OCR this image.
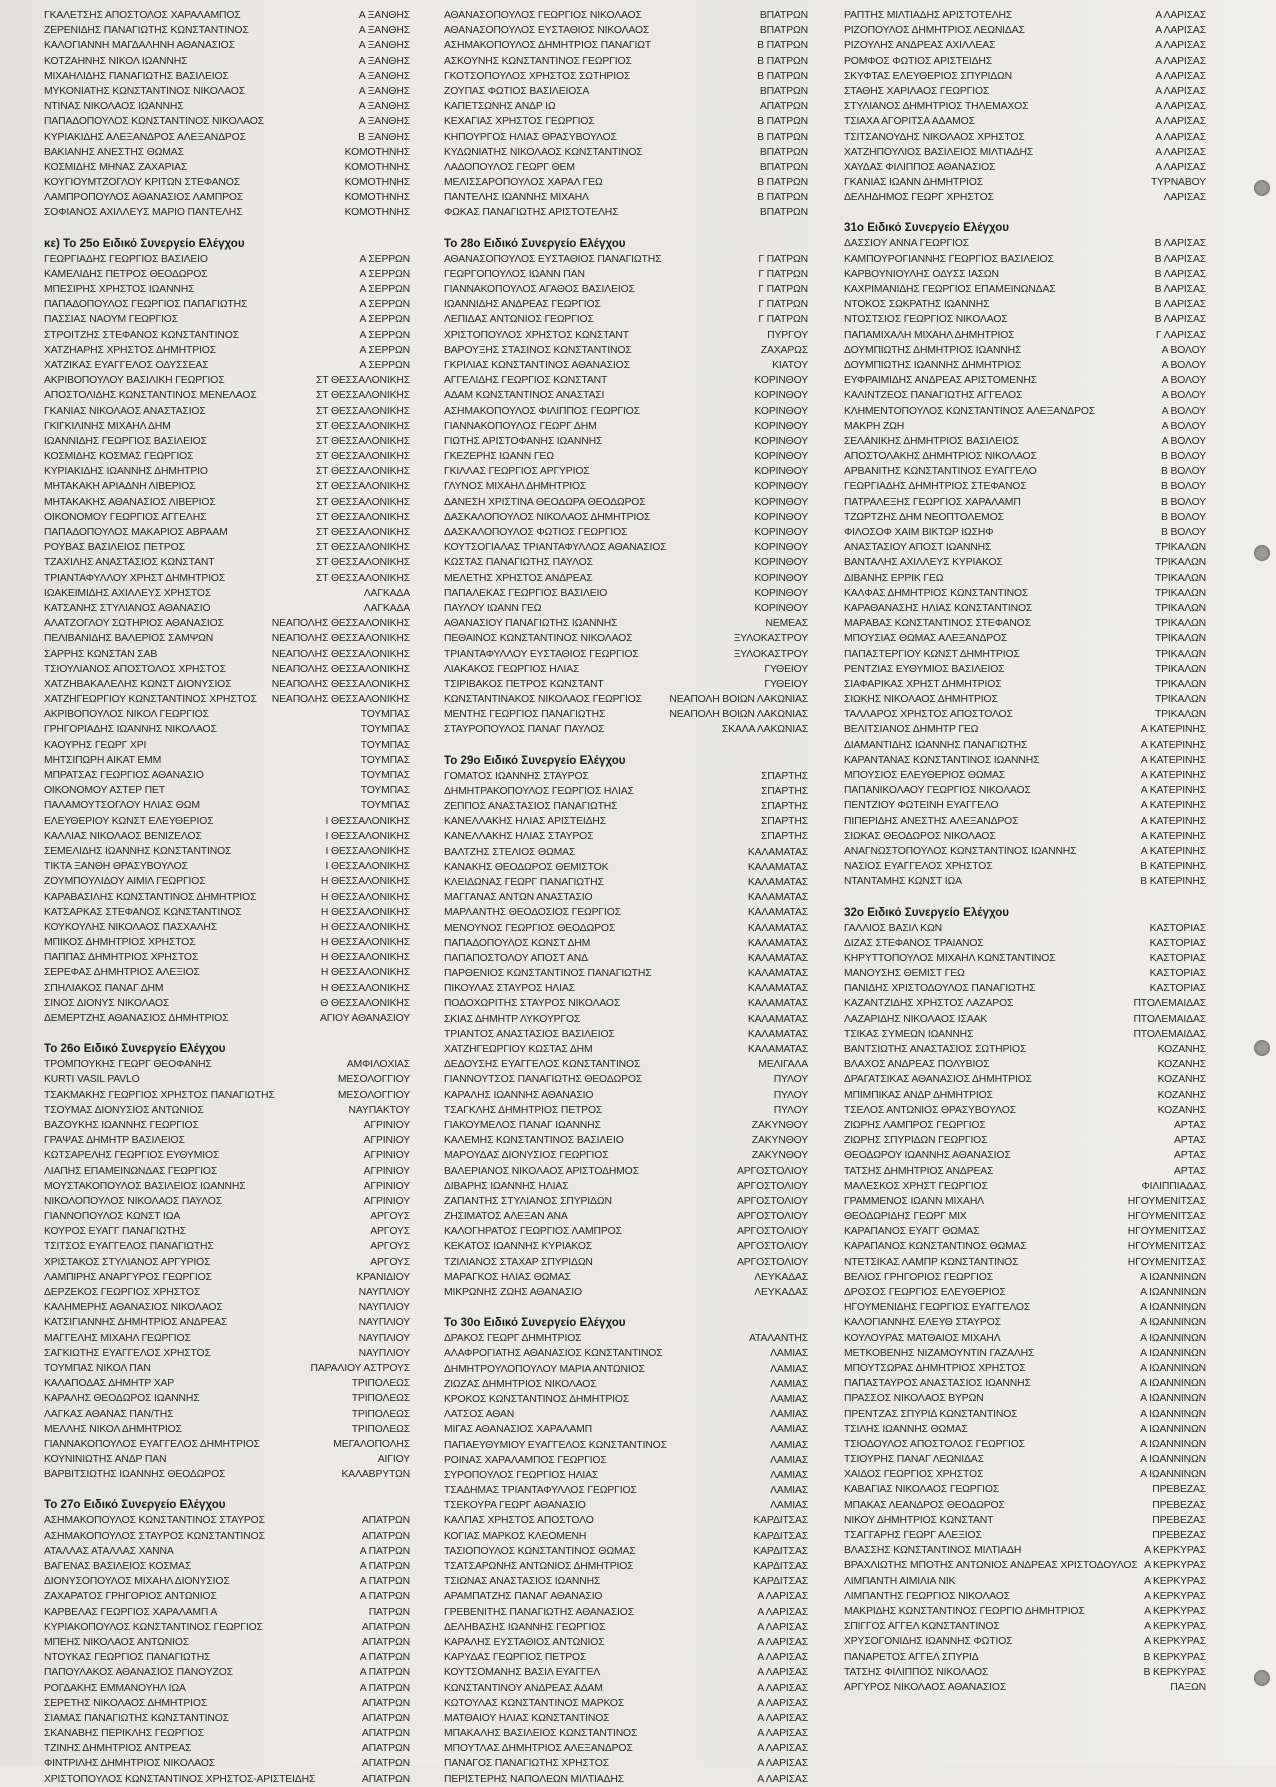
ΓΚΑΛΕΤΣΗΣ ΑΠΟΣΤΟΛΟΣ ΧΑΡΑΛΑΜΠΟΣ	Α ΞΑΝΘΗΣ
ΖΕΡΕΝΙΔΗΣ ΠΑΝΑΓΙΩΤΗΣ ΚΩΝΣΤΑΝΤΙΝΟΣ	Α ΞΑΝΘΗΣ
ΚΑΛΟΓΙΑΝΝΗ ΜΑΓΔΑΛΗΝΗ ΑΘΑΝΑΣΙΟΣ	Α ΞΑΝΘΗΣ
ΚΟΤΖΑΗΝΗΣ ΝΙΚΟΛ ΙΩΑΝΝΗΣ	Α ΞΑΝΘΗΣ
ΜΙΧΑΗΛΙΔΗΣ ΠΑΝΑΓΙΩΤΗΣ ΒΑΣΙΛΕΙΟΣ	Α ΞΑΝΘΗΣ
ΜΥΚΟΝΙΑΤΗΣ ΚΩΝΣΤΑΝΤΙΝΟΣ ΝΙΚΟΛΑΟΣ	Α ΞΑΝΘΗΣ
ΝΤΙΝΑΣ ΝΙΚΟΛΑΟΣ ΙΩΑΝΝΗΣ	Α ΞΑΝΘΗΣ
ΠΑΠΑΔΟΠΟΥΛΟΣ ΚΩΝΣΤΑΝΤΙΝΟΣ ΝΙΚΟΛΑΟΣ	Α ΞΑΝΘΗΣ
ΚΥΡΙΑΚΙΔΗΣ ΑΛΕΞΑΝΔΡΟΣ ΑΛΕΞΑΝΔΡΟΣ	Β ΞΑΝΘΗΣ
ΒΑΚΙΑΝΗΣ ΑΝΕΣΤΗΣ ΘΩΜΑΣ	ΚΟΜΟΤΗΝΗΣ
ΚΟΣΜΙΔΗΣ ΜΗΝΑΣ ΖΑΧΑΡΙΑΣ	ΚΟΜΟΤΗΝΗΣ
ΚΟΥΓΙΟΥΜΤΖΟΓΛΟΥ ΚΡΙΤΩΝ ΣΤΕΦΑΝΟΣ	ΚΟΜΟΤΗΝΗΣ
ΛΑΜΠΡΟΠΟΥΛΟΣ ΑΘΑΝΑΣΙΟΣ ΛΑΜΠΡΟΣ	ΚΟΜΟΤΗΝΗΣ
ΣΟΦΙΑΝΟΣ ΑΧΙΛΛΕΥΣ ΜΑΡΙΟ ΠΑΝΤΕΛΗΣ	ΚΟΜΟΤΗΝΗΣ
κε) Το 25ο Ειδικό Συνεργείο Ελέγχου
ΓΕΩΡΓΙΑΔΗΣ ΓΕΩΡΓΙΟΣ ΒΑΣΙΛΕΙΟ	Α ΣΕΡΡΩΝ
ΚΑΜΕΛΙΔΗΣ ΠΕΤΡΟΣ ΘΕΟΔΩΡΟΣ	Α ΣΕΡΡΩΝ
ΜΠΕΣΙΡΗΣ ΧΡΗΣΤΟΣ ΙΩΑΝΝΗΣ	Α ΣΕΡΡΩΝ
ΠΑΠΑΔΟΠΟΥΛΟΣ ΓΕΩΡΓΙΟΣ ΠΑΠΑΓΙΩΤΗΣ	Α ΣΕΡΡΩΝ
ΠΑΣΣΙΑΣ ΝΑΟΥΜ ΓΕΩΡΓΙΟΣ	Α ΣΕΡΡΩΝ
ΣΤΡΟΙΤΖΗΣ ΣΤΕΦΑΝΟΣ ΚΩΝΣΤΑΝΤΙΝΟΣ	Α ΣΕΡΡΩΝ
ΧΑΤΖΗΑΡΗΣ ΧΡΗΣΤΟΣ ΔΗΜΗΤΡΙΟΣ	Α ΣΕΡΡΩΝ
ΧΑΤΖΙΚΑΣ ΕΥΑΓΓΕΛΟΣ ΟΔΥΣΣΕΑΣ	Α ΣΕΡΡΩΝ
ΑΚΡΙΒΟΠΟΥΛΟΥ ΒΑΣΙΛΙΚΗ ΓΕΩΡΓΙΟΣ	ΣΤ ΘΕΣΣΑΛΟΝΙΚΗΣ
ΑΠΟΣΤΟΛΙΔΗΣ ΚΩΝΣΤΑΝΤΙΝΟΣ ΜΕΝΕΛΑΟΣ	ΣΤ ΘΕΣΣΑΛΟΝΙΚΗΣ
ΓΚΑΝΙΑΣ ΝΙΚΟΛΑΟΣ ΑΝΑΣΤΑΣΙΟΣ	ΣΤ ΘΕΣΣΑΛΟΝΙΚΗΣ
ΓΚΙΓΚΙΛΙΝΗΣ ΜΙΧΑΗΛ ΔΗΜ	ΣΤ ΘΕΣΣΑΛΟΝΙΚΗΣ
ΙΩΑΝΝΙΔΗΣ ΓΕΩΡΓΙΟΣ ΒΑΣΙΛΕΙΟΣ	ΣΤ ΘΕΣΣΑΛΟΝΙΚΗΣ
ΚΟΣΜΙΔΗΣ ΚΟΣΜΑΣ ΓΕΩΡΓΙΟΣ	ΣΤ ΘΕΣΣΑΛΟΝΙΚΗΣ
ΚΥΡΙΑΚΙΔΗΣ ΙΩΑΝΝΗΣ ΔΗΜΗΤΡΙΟ	ΣΤ ΘΕΣΣΑΛΟΝΙΚΗΣ
ΜΗΤΑΚΑΚΗ ΑΡΙΑΔΝΗ ΛΙΒΕΡΙΟΣ	ΣΤ ΘΕΣΣΑΛΟΝΙΚΗΣ
ΜΗΤΑΚΑΚΗΣ ΑΘΑΝΑΣΙΟΣ ΛΙΒΕΡΙΟΣ	ΣΤ ΘΕΣΣΑΛΟΝΙΚΗΣ
ΟΙΚΟΝΟΜΟΥ ΓΕΩΡΓΙΟΣ ΑΓΓΕΛΗΣ	ΣΤ ΘΕΣΣΑΛΟΝΙΚΗΣ
ΠΑΠΑΔΟΠΟΥΛΟΣ ΜΑΚΑΡΙΟΣ ΑΒΡΑΑΜ	ΣΤ ΘΕΣΣΑΛΟΝΙΚΗΣ
ΡΟΥΒΑΣ ΒΑΣΙΛΕΙΟΣ ΠΕΤΡΟΣ	ΣΤ ΘΕΣΣΑΛΟΝΙΚΗΣ
ΤΖΑΧΙΛΗΣ ΑΝΑΣΤΑΣΙΟΣ ΚΩΝΣΤΑΝΤ	ΣΤ ΘΕΣΣΑΛΟΝΙΚΗΣ
ΤΡΙΑΝΤΑΦΥΛΛΟΥ ΧΡΗΣΤ ΔΗΜΗΤΡΙΟΣ	ΣΤ ΘΕΣΣΑΛΟΝΙΚΗΣ
ΙΩΑΚΕΙΜΙΔΗΣ ΑΧΙΛΛΕΥΣ ΧΡΗΣΤΟΣ	ΛΑΓΚΑΔΑ
ΚΑΤΣΑΝΗΣ ΣΤΥΛΙΑΝΟΣ ΑΘΑΝΑΣΙΟ	ΛΑΓΚΑΔΑ
ΑΛΑΤΖΟΓΛΟΥ ΣΩΤΗΡΙΟΣ ΑΘΑΝΑΣΙΟΣ	ΝΕΑΠΟΛΗΣ ΘΕΣΣΑΛΟΝΙΚΗΣ
ΠΕΛΙΒΑΝΙΔΗΣ ΒΑΛΕΡΙΟΣ ΣΑΜΨΩΝ	ΝΕΑΠΟΛΗΣ ΘΕΣΣΑΛΟΝΙΚΗΣ
ΣΑΡΡΗΣ ΚΩΝΣΤΑΝ ΣΑΒ	ΝΕΑΠΟΛΗΣ ΘΕΣΣΑΛΟΝΙΚΗΣ
ΤΣΙΟΥΛΙΑΝΟΣ ΑΠΟΣΤΟΛΟΣ ΧΡΗΣΤΟΣ	ΝΕΑΠΟΛΗΣ ΘΕΣΣΑΛΟΝΙΚΗΣ
ΧΑΤΖΗΒΑΚΑΛΕΛΗΣ ΚΩΝΣΤ ΔΙΟΝΥΣΙΟΣ	ΝΕΑΠΟΛΗΣ ΘΕΣΣΑΛΟΝΙΚΗΣ
ΧΑΤΖΗΓΕΩΡΓΙΟΥ ΚΩΝΣΤΑΝΤΙΝΟΣ ΧΡΗΣΤΟΣ	ΝΕΑΠΟΛΗΣ ΘΕΣΣΑΛΟΝΙΚΗΣ
ΑΚΡΙΒΟΠΟΥΛΟΣ ΝΙΚΟΛ ΓΕΩΡΓΙΟΣ	ΤΟΥΜΠΑΣ
ΓΡΗΓΟΡΙΑΔΗΣ ΙΩΑΝΝΗΣ ΝΙΚΟΛΑΟΣ	ΤΟΥΜΠΑΣ
ΚΑΟΥΡΗΣ ΓΕΩΡΓ ΧΡΙ	ΤΟΥΜΠΑΣ
ΜΗΤΣΙΠΩΡΗ ΑΙΚΑΤ ΕΜΜ	ΤΟΥΜΠΑΣ
ΜΠΡΑΤΣΑΣ ΓΕΩΡΓΙΟΣ ΑΘΑΝΑΣΙΟ	ΤΟΥΜΠΑΣ
ΟΙΚΟΝΟΜΟΥ ΑΣΤΕΡ ΠΕΤ	ΤΟΥΜΠΑΣ
ΠΑΛΑΜΟΥΤΣΟΓΛΟΥ ΗΛΙΑΣ ΘΩΜ	ΤΟΥΜΠΑΣ
ΕΛΕΥΘΕΡΙΟΥ ΚΩΝΣΤ ΕΛΕΥΘΕΡΙΟΣ	Ι ΘΕΣΣΑΛΟΝΙΚΗΣ
ΚΑΛΛΙΑΣ ΝΙΚΟΛΑΟΣ ΒΕΝΙΖΕΛΟΣ	Ι ΘΕΣΣΑΛΟΝΙΚΗΣ
ΣΕΜΕΛΙΔΗΣ ΙΩΑΝΝΗΣ ΚΩΝΣΤΑΝΤΙΝΟΣ	Ι ΘΕΣΣΑΛΟΝΙΚΗΣ
ΤΙΚΤΑ ΞΑΝΘΗ ΘΡΑΣΥΒΟΥΛΟΣ	Ι ΘΕΣΣΑΛΟΝΙΚΗΣ
ΖΟΥΜΠΟΥΛΙΔΟΥ ΑΙΜΙΛ ΓΕΩΡΓΙΟΣ	Η ΘΕΣΣΑΛΟΝΙΚΗΣ
ΚΑΡΑΒΑΣΙΛΗΣ ΚΩΝΣΤΑΝΤΙΝΟΣ ΔΗΜΗΤΡΙΟΣ	Η ΘΕΣΣΑΛΟΝΙΚΗΣ
ΚΑΤΣΑΡΚΑΣ ΣΤΕΦΑΝΟΣ ΚΩΝΣΤΑΝΤΙΝΟΣ	Η ΘΕΣΣΑΛΟΝΙΚΗΣ
ΚΟΥΚΟΥΛΗΣ ΝΙΚΟΛΑΟΣ ΠΑΣΧΑΛΗΣ	Η ΘΕΣΣΑΛΟΝΙΚΗΣ
ΜΠΙΚΟΣ ΔΗΜΗΤΡΙΟΣ ΧΡΗΣΤΟΣ	Η ΘΕΣΣΑΛΟΝΙΚΗΣ
ΠΑΠΠΑΣ ΔΗΜΗΤΡΙΟΣ ΧΡΗΣΤΟΣ	Η ΘΕΣΣΑΛΟΝΙΚΗΣ
ΣΕΡΕΦΑΣ ΔΗΜΗΤΡΙΟΣ ΑΛΕΞΙΟΣ	Η ΘΕΣΣΑΛΟΝΙΚΗΣ
ΣΠΗΛΙΑΚΟΣ ΠΑΝΑΓ ΔΗΜ	Η ΘΕΣΣΑΛΟΝΙΚΗΣ
ΣΙΝΟΣ ΔΙΟΝΥΣ ΝΙΚΟΛΑΟΣ	Θ ΘΕΣΣΑΛΟΝΙΚΗΣ
ΔΕΜΕΡΤΖΗΣ ΑΘΑΝΑΣΙΟΣ ΔΗΜΗΤΡΙΟΣ	ΑΓΙΟΥ ΑΘΑΝΑΣΙΟΥ
Το 26ο Ειδικό Συνεργείο Ελέγχου
ΤΡΟΜΠΟΥΚΗΣ ΓΕΩΡΓ ΘΕΟΦΑΝΗΣ	ΑΜΦΙΛΟΧΙΑΣ
KURTI VASIL PAVLO	ΜΕΣΟΛΟΓΓΙΟΥ
ΤΣΑΚΜΑΚΗΣ ΓΕΩΡΓΙΟΣ ΧΡΗΣΤΟΣ ΠΑΝΑΓΙΩΤΗΣ	ΜΕΣΟΛΟΓΓΙΟΥ
ΤΣΟΥΜΑΣ ΔΙΟΝΥΣΙΟΣ ΑΝΤΩΝΙΟΣ	ΝΑΥΠΑΚΤΟΥ
ΒΑΖΟΥΚΗΣ ΙΩΑΝΝΗΣ ΓΕΩΡΓΙΟΣ	ΑΓΡΙΝΙΟΥ
ΓΡΑΨΑΣ ΔΗΜΗΤΡ ΒΑΣΙΛΕΙΟΣ	ΑΓΡΙΝΙΟΥ
ΚΩΤΣΑΡΕΛΗΣ ΓΕΩΡΓΙΟΣ ΕΥΘΥΜΙΟΣ	ΑΓΡΙΝΙΟΥ
ΛΙΑΠΗΣ ΕΠΑΜΕΙΝΩΝΔΑΣ ΓΕΩΡΓΙΟΣ	ΑΓΡΙΝΙΟΥ
ΜΟΥΣΤΑΚΟΠΟΥΛΟΣ ΒΑΣΙΛΕΙΟΣ ΙΩΑΝΝΗΣ	ΑΓΡΙΝΙΟΥ
ΝΙΚΟΛΟΠΟΥΛΟΣ ΝΙΚΟΛΑΟΣ ΠΑΥΛΟΣ	ΑΓΡΙΝΙΟΥ
ΓΙΑΝΝΟΠΟΥΛΟΣ ΚΩΝΣΤ ΙΩΑ	ΑΡΓΟΥΣ
ΚΟΥΡΟΣ ΕΥΑΓΓ ΠΑΝΑΓΙΩΤΗΣ	ΑΡΓΟΥΣ
ΤΣΙΤΣΟΣ ΕΥΑΓΓΕΛΟΣ ΠΑΝΑΓΙΩΤΗΣ	ΑΡΓΟΥΣ
ΧΡΙΣΤΑΚΟΣ ΣΤΥΛΙΑΝΟΣ ΑΡΓΥΡΙΟΣ	ΑΡΓΟΥΣ
ΛΑΜΠΙΡΗΣ ΑΝΑΡΓΥΡΟΣ ΓΕΩΡΓΙΟΣ	ΚΡΑΝΙΔΙΟΥ
ΔΕΡΖΕΚΟΣ ΓΕΩΡΓΙΟΣ ΧΡΗΣΤΟΣ	ΝΑΥΠΛΙΟΥ
ΚΑΛΗΜΕΡΗΣ ΑΘΑΝΑΣΙΟΣ ΝΙΚΟΛΑΟΣ	ΝΑΥΠΛΙΟΥ
ΚΑΤΣΙΓΙΑΝΝΗΣ ΔΗΜΗΤΡΙΟΣ ΑΝΔΡΕΑΣ	ΝΑΥΠΛΙΟΥ
ΜΑΓΓΕΛΗΣ ΜΙΧΑΗΛ ΓΕΩΡΓΙΟΣ	ΝΑΥΠΛΙΟΥ
ΣΑΓΚΙΩΤΗΣ ΕΥΑΓΓΕΛΟΣ ΧΡΗΣΤΟΣ	ΝΑΥΠΛΙΟΥ
ΤΟΥΜΠΑΣ ΝΙΚΟΛ ΠΑΝ	ΠΑΡΑΛΙΟΥ ΑΣΤΡΟΥΣ
ΚΑΛΑΠΟΔΑΣ ΔΗΜΗΤΡ ΧΑΡ	ΤΡΙΠΟΛΕΩΣ
ΚΑΡΑΛΗΣ ΘΕΟΔΩΡΟΣ ΙΩΑΝΝΗΣ	ΤΡΙΠΟΛΕΩΣ
ΛΑΓΚΑΣ ΑΘΑΝΑΣ ΠΑΝ/ΤΗΣ	ΤΡΙΠΟΛΕΩΣ
ΜΕΛΛΗΣ ΝΙΚΟΛ ΔΗΜΗΤΡΙΟΣ	ΤΡΙΠΟΛΕΩΣ
ΓΙΑΝΝΑΚΟΠΟΥΛΟΣ ΕΥΑΓΓΕΛΟΣ ΔΗΜΗΤΡΙΟΣ	ΜΕΓΑΛΟΠΟΛΗΣ
ΚΟΥΝΙΝΙΩΤΗΣ ΑΝΔΡ ΠΑΝ	ΑΙΓΙΟΥ
ΒΑΡΒΙΤΣΙΩΤΗΣ ΙΩΑΝΝΗΣ ΘΕΟΔΩΡΟΣ	ΚΑΛΑΒΡΥΤΩΝ
Το 27ο Ειδικό Συνεργείο Ελέγχου
ΑΣΗΜΑΚΟΠΟΥΛΟΣ ΚΩΝΣΤΑΝΤΙΝΟΣ ΣΤΑΥΡΟΣ	ΑΠΑΤΡΩΝ
ΑΣΗΜΑΚΟΠΟΥΛΟΣ ΣΤΑΥΡΟΣ ΚΩΝΣΤΑΝΤΙΝΟΣ	ΑΠΑΤΡΩΝ
ΑΤΑΛΛΑΣ ΑΤΑΛΛΑΣ ΧΑΝΝΑ	Α ΠΑΤΡΩΝ
ΒΑΓΕΝΑΣ ΒΑΣΙΛΕΙΟΣ ΚΟΣΜΑΣ	Α ΠΑΤΡΩΝ
ΔΙΟΝΥΣΟΠΟΥΛΟΣ ΜΙΧΑΗΛ ΔΙΟΝΥΣΙΟΣ	Α ΠΑΤΡΩΝ
ΖΑΧΑΡΑΤΟΣ ΓΡΗΓΟΡΙΟΣ ΑΝΤΩΝΙΟΣ	Α ΠΑΤΡΩΝ
ΚΑΡΒΕΛΑΣ ΓΕΩΡΓΙΟΣ ΧΑΡΑΛΑΜΠ Α	ΠΑΤΡΩΝ
ΚΥΡΙΑΚΟΠΟΥΛΟΣ ΚΩΝΣΤΑΝΤΙΝΟΣ ΓΕΩΡΓΙΟΣ	ΑΠΑΤΡΩΝ
ΜΠΕΗΣ ΝΙΚΟΛΑΟΣ ΑΝΤΩΝΙΟΣ	ΑΠΑΤΡΩΝ
ΝΤΟΥΚΑΣ ΓΕΩΡΓΙΟΣ ΠΑΝΑΓΙΩΤΗΣ	Α ΠΑΤΡΩΝ
ΠΑΠΟΥΛΑΚΟΣ ΑΘΑΝΑΣΙΟΣ ΠΑΝΟΥΖΟΣ	Α ΠΑΤΡΩΝ
ΡΟΓΔΑΚΗΣ ΕΜΜΑΝΟΥΗΛ ΙΩΑ	Α ΠΑΤΡΩΝ
ΣΕΡΕΤΗΣ ΝΙΚΟΛΑΟΣ ΔΗΜΗΤΡΙΟΣ	ΑΠΑΤΡΩΝ
ΣΙΑΜΑΣ ΠΑΝΑΓΙΩΤΗΣ ΚΩΝΣΤΑΝΤΙΝΟΣ	ΑΠΑΤΡΩΝ
ΣΚΑΝΑΒΗΣ ΠΕΡΙΚΛΗΣ ΓΕΩΡΓΙΟΣ	ΑΠΑΤΡΩΝ
ΤΖΙΝΗΣ ΔΗΜΗΤΡΙΟΣ ΑΝΤΡΕΑΣ	ΑΠΑΤΡΩΝ
ΦΙΝΤΡΙΛΗΣ ΔΗΜΗΤΡΙΟΣ ΝΙΚΟΛΑΟΣ	ΑΠΑΤΡΩΝ
ΧΡΙΣΤΟΠΟΥΛΟΣ ΚΩΝΣΤΑΝΤΙΝΟΣ ΧΡΗΣΤΟΣ-ΑΡΙΣΤΕΙΔΗΣ	ΑΠΑΤΡΩΝ
ΑΘΑΝΑΣΟΠΟΥΛΟΣ ΓΕΩΡΓΙΟΣ ΝΙΚΟΛΑΟΣ	ΒΠΑΤΡΩΝ
ΑΘΑΝΑΣΟΠΟΥΛΟΣ ΕΥΣΤΑΘΙΟΣ ΝΙΚΟΛΑΟΣ	ΒΠΑΤΡΩΝ
ΑΣΗΜΑΚΟΠΟΥΛΟΣ ΔΗΜΗΤΡΙΟΣ ΠΑΝΑΓΙΩΤ	Β ΠΑΤΡΩΝ
ΑΣΚΟΥΝΗΣ ΚΩΝΣΤΑΝΤΙΝΟΣ ΓΕΩΡΓΙΟΣ	Β ΠΑΤΡΩΝ
ΓΚΟΤΣΟΠΟΥΛΟΣ ΧΡΗΣΤΟΣ ΣΩΤΗΡΙΟΣ	Β ΠΑΤΡΩΝ
ΖΟΥΠΑΣ ΦΩΤΙΟΣ ΒΑΣΙΛΕΙΟΣΑ	ΒΠΑΤΡΩΝ
ΚΑΠΕΤΣΩΝΗΣ ΑΝΔΡ ΙΩ	ΑΠΑΤΡΩΝ
ΚΕΧΑΓΙΑΣ ΧΡΗΣΤΟΣ ΓΕΩΡΓΙΟΣ	Β ΠΑΤΡΩΝ
ΚΗΠΟΥΡΓΟΣ ΗΛΙΑΣ ΘΡΑΣΥΒΟΥΛΟΣ	Β ΠΑΤΡΩΝ
ΚΥΔΩΝΙΑΤΗΣ ΝΙΚΟΛΑΟΣ ΚΩΝΣΤΑΝΤΙΝΟΣ	ΒΠΑΤΡΩΝ
ΛΑΔΟΠΟΥΛΟΣ ΓΕΩΡΓ ΘΕΜ	ΒΠΑΤΡΩΝ
ΜΕΛΙΣΣΑΡΟΠΟΥΛΟΣ ΧΑΡΑΛ ΓΕΩ	Β ΠΑΤΡΩΝ
ΠΑΝΤΕΛΗΣ ΙΩΑΝΝΗΣ ΜΙΧΑΗΛ	Β ΠΑΤΡΩΝ
ΦΩΚΑΣ ΠΑΝΑΓΙΩΤΗΣ ΑΡΙΣΤΟΤΕΛΗΣ	ΒΠΑΤΡΩΝ
Το 28ο Ειδικό Συνεργείο Ελέγχου
ΑΘΑΝΑΣΟΠΟΥΛΟΣ ΕΥΣΤΑΘΙΟΣ ΠΑΝΑΓΙΩΤΗΣ	Γ ΠΑΤΡΩΝ
ΓΕΩΡΓΟΠΟΥΛΟΣ ΙΩΑΝΝ ΠΑΝ	Γ ΠΑΤΡΩΝ
ΓΙΑΝΝΑΚΟΠΟΥΛΟΣ ΑΓΑΘΟΣ ΒΑΣΙΛΕΙΟΣ	Γ ΠΑΤΡΩΝ
ΙΩΑΝΝΙΔΗΣ ΑΝΔΡΕΑΣ ΓΕΩΡΓΙΟΣ	Γ ΠΑΤΡΩΝ
ΛΕΠΙΔΑΣ ΑΝΤΩΝΙΟΣ ΓΕΩΡΓΙΟΣ	Γ ΠΑΤΡΩΝ
ΧΡΙΣΤΟΠΟΥΛΟΣ ΧΡΗΣΤΟΣ ΚΩΝΣΤΑΝΤ	ΠΥΡΓΟΥ
ΒΑΡΟΥΞΗΣ ΣΤΑΣΙΝΟΣ ΚΩΝΣΤΑΝΤΙΝΟΣ	ΖΑΧΑΡΩΣ
ΓΚΡΙΛΙΑΣ ΚΩΝΣΤΑΝΤΙΝΟΣ ΑΘΑΝΑΣΙΟΣ	ΚΙΑΤΟΥ
ΑΓΓΕΛΙΔΗΣ ΓΕΩΡΓΙΟΣ ΚΩΝΣΤΑΝΤ	ΚΟΡΙΝΘΟΥ
ΑΔΑΜ ΚΩΝΣΤΑΝΤΙΝΟΣ ΑΝΑΣΤΑΣΙ	ΚΟΡΙΝΘΟΥ
ΑΣΗΜΑΚΟΠΟΥΛΟΣ ΦΙΛΙΠΠΟΣ ΓΕΩΡΓΙΟΣ	ΚΟΡΙΝΘΟΥ
ΓΙΑΝΝΑΚΟΠΟΥΛΟΣ ΓΕΩΡΓ ΔΗΜ	ΚΟΡΙΝΘΟΥ
ΓΙΩΤΗΣ ΑΡΙΣΤΟΦΑΝΗΣ ΙΩΑΝΝΗΣ	ΚΟΡΙΝΘΟΥ
ΓΚΕΖΕΡΗΣ ΙΩΑΝΝ ΓΕΩ	ΚΟΡΙΝΘΟΥ
ΓΚΙΛΛΑΣ ΓΕΩΡΓΙΟΣ ΑΡΓΥΡΙΟΣ	ΚΟΡΙΝΘΟΥ
ΓΛΥΝΟΣ ΜΙΧΑΗΛ ΔΗΜΗΤΡΙΟΣ	ΚΟΡΙΝΘΟΥ
ΔΑΝΕΣΗ ΧΡΙΣΤΙΝΑ ΘΕΟΔΩΡΑ ΘΕΟΔΩΡΟΣ	ΚΟΡΙΝΘΟΥ
ΔΑΣΚΑΛΟΠΟΥΛΟΣ ΝΙΚΟΛΑΟΣ ΔΗΜΗΤΡΙΟΣ	ΚΟΡΙΝΘΟΥ
ΔΑΣΚΑΛΟΠΟΥΛΟΣ ΦΩΤΙΟΣ ΓΕΩΡΓΙΟΣ	ΚΟΡΙΝΘΟΥ
ΚΟΥΤΣΟΓΙΑΛΑΣ ΤΡΙΑΝΤΑΦΥΛΛΟΣ ΑΘΑΝΑΣΙΟΣ	ΚΟΡΙΝΘΟΥ
ΚΩΣΤΑΣ ΠΑΝΑΓΙΩΤΗΣ ΠΑΥΛΟΣ	ΚΟΡΙΝΘΟΥ
ΜΕΛΕΤΗΣ ΧΡΗΣΤΟΣ ΑΝΔΡΕΑΣ	ΚΟΡΙΝΘΟΥ
ΠΑΠΑΛΕΚΑΣ ΓΕΩΡΓΙΟΣ ΒΑΣΙΛΕΙΟ	ΚΟΡΙΝΘΟΥ
ΠΑΥΛΟΥ ΙΩΑΝΝ ΓΕΩ	ΚΟΡΙΝΘΟΥ
ΑΘΑΝΑΣΙΟΥ ΠΑΝΑΓΙΩΤΗΣ ΙΩΑΝΝΗΣ	ΝΕΜΕΑΣ
ΠΕΘΑΙΝΟΣ ΚΩΝΣΤΑΝΤΙΝΟΣ ΝΙΚΟΛΑΟΣ	ΞΥΛΟΚΑΣΤΡΟΥ
ΤΡΙΑΝΤΑΦΥΛΛΟΥ ΕΥΣΤΑΘΙΟΣ ΓΕΩΡΓΙΟΣ	ΞΥΛΟΚΑΣΤΡΟΥ
ΛΙΑΚΑΚΟΣ ΓΕΩΡΓΙΟΣ ΗΛΙΑΣ	ΓΥΘΕΙΟΥ
ΤΣΙΡΙΒΑΚΟΣ ΠΕΤΡΟΣ ΚΩΝΣΤΑΝΤ	ΓΥΘΕΙΟΥ
ΚΩΝΣΤΑΝΤΙΝΑΚΟΣ ΝΙΚΟΛΑΟΣ ΓΕΩΡΓΙΟΣ	ΝΕΑΠΟΛΗ ΒΟΙΩΝ ΛΑΚΩΝΙΑΣ
ΜΕΝΤΗΣ ΓΕΩΡΓΙΟΣ ΠΑΝΑΓΙΩΤΗΣ	ΝΕΑΠΟΛΗ ΒΟΙΩΝ ΛΑΚΩΝΙΑΣ
ΣΤΑΥΡΟΠΟΥΛΟΣ ΠΑΝΑΓ ΠΑΥΛΟΣ	ΣΚΑΛΑ ΛΑΚΩΝΙΑΣ
Το 29ο Ειδικό Συνεργείο Ελέγχου
ΓΟΜΑΤΟΣ ΙΩΑΝΝΗΣ ΣΤΑΥΡΟΣ	ΣΠΑΡΤΗΣ
ΔΗΜΗΤΡΑΚΟΠΟΥΛΟΣ ΓΕΩΡΓΙΟΣ ΗΛΙΑΣ	ΣΠΑΡΤΗΣ
ΖΕΠΠΟΣ ΑΝΑΣΤΑΣΙΟΣ ΠΑΝΑΓΙΩΤΗΣ	ΣΠΑΡΤΗΣ
ΚΑΝΕΛΛΑΚΗΣ ΗΛΙΑΣ ΑΡΙΣΤΕΙΔΗΣ	ΣΠΑΡΤΗΣ
ΚΑΝΕΛΛΑΚΗΣ ΗΛΙΑΣ ΣΤΑΥΡΟΣ	ΣΠΑΡΤΗΣ
ΒΑΛΤΖΗΣ ΣΤΕΛΙΟΣ ΘΩΜΑΣ	ΚΑΛΑΜΑΤΑΣ
ΚΑΝΑΚΗΣ ΘΕΟΔΩΡΟΣ ΘΕΜΙΣΤΟΚ	ΚΑΛΑΜΑΤΑΣ
ΚΛΕΙΔΩΝΑΣ ΓΕΩΡΓ ΠΑΝΑΓΙΩΤΗΣ	ΚΑΛΑΜΑΤΑΣ
ΜΑΓΓΑΝΑΣ ΑΝΤΩΝ ΑΝΑΣΤΑΣΙΟ	ΚΑΛΑΜΑΤΑΣ
ΜΑΡΛΑΝΤΗΣ ΘΕΟΔΟΣΙΟΣ ΓΕΩΡΓΙΟΣ	ΚΑΛΑΜΑΤΑΣ
ΜΕΝΟΥΝΟΣ ΓΕΩΡΓΙΟΣ ΘΕΟΔΩΡΟΣ	ΚΑΛΑΜΑΤΑΣ
ΠΑΠΑΔΟΠΟΥΛΟΣ ΚΩΝΣΤ ΔΗΜ	ΚΑΛΑΜΑΤΑΣ
ΠΑΠΑΠΟΣΤΟΛΟΥ ΑΠΟΣΤ ΑΝΔ	ΚΑΛΑΜΑΤΑΣ
ΠΑΡΘΕΝΙΟΣ ΚΩΝΣΤΑΝΤΙΝΟΣ ΠΑΝΑΓΙΩΤΗΣ	ΚΑΛΑΜΑΤΑΣ
ΠΙΚΟΥΛΑΣ ΣΤΑΥΡΟΣ ΗΛΙΑΣ	ΚΑΛΑΜΑΤΑΣ
ΠΟΔΟΧΩΡΙΤΗΣ ΣΤΑΥΡΟΣ ΝΙΚΟΛΑΟΣ	ΚΑΛΑΜΑΤΑΣ
ΣΚΙΑΣ ΔΗΜΗΤΡ ΛΥΚΟΥΡΓΟΣ	ΚΑΛΑΜΑΤΑΣ
ΤΡΙΑΝΤΟΣ ΑΝΑΣΤΑΣΙΟΣ ΒΑΣΙΛΕΙΟΣ	ΚΑΛΑΜΑΤΑΣ
ΧΑΤΖΗΓΕΩΡΓΙΟΥ ΚΩΣΤΑΣ ΔΗΜ	ΚΑΛΑΜΑΤΑΣ
ΔΕΔΟΥΣΗΣ ΕΥΑΓΓΕΛΟΣ ΚΩΝΣΤΑΝΤΙΝΟΣ	ΜΕΛΙΓΑΛΑ
ΓΙΑΝΝΟΥΤΣΟΣ ΠΑΝΑΓΙΩΤΗΣ ΘΕΟΔΩΡΟΣ	ΠΥΛΟΥ
ΚΑΡΑΛΗΣ ΙΩΑΝΝΗΣ ΑΘΑΝΑΣΙΟ	ΠΥΛΟΥ
ΤΣΑΓΚΛΗΣ ΔΗΜΗΤΡΙΟΣ ΠΕΤΡΟΣ	ΠΥΛΟΥ
ΓΙΑΚΟΥΜΕΛΟΣ ΠΑΝΑΓ ΙΩΑΝΝΗΣ	ΖΑΚΥΝΘΟΥ
ΚΑΛΕΜΗΣ ΚΩΝΣΤΑΝΤΙΝΟΣ ΒΑΣΙΛΕΙΟ	ΖΑΚΥΝΘΟΥ
ΜΑΡΟΥΔΑΣ ΔΙΟΝΥΣΙΟΣ ΓΕΩΡΓΙΟΣ	ΖΑΚΥΝΘΟΥ
ΒΑΛΕΡΙΑΝΟΣ ΝΙΚΟΛΑΟΣ ΑΡΙΣΤΟΔΗΜΟΣ	ΑΡΓΟΣΤΟΛΙΟΥ
ΔΙΒΑΡΗΣ ΙΩΑΝΝΗΣ ΗΛΙΑΣ	ΑΡΓΟΣΤΟΛΙΟΥ
ΖΑΠΑΝΤΗΣ ΣΤΥΛΙΑΝΟΣ ΣΠΥΡΙΔΩΝ	ΑΡΓΟΣΤΟΛΙΟΥ
ΖΗΣΙΜΑΤΟΣ ΑΛΕΞΑΝ ΑΝΑ	ΑΡΓΟΣΤΟΛΙΟΥ
ΚΑΛΟΓΗΡΑΤΟΣ ΓΕΩΡΓΙΟΣ ΛΑΜΠΡΟΣ	ΑΡΓΟΣΤΟΛΙΟΥ
ΚΕΚΑΤΟΣ ΙΩΑΝΝΗΣ ΚΥΡΙΑΚΟΣ	ΑΡΓΟΣΤΟΛΙΟΥ
ΤΖΙΛΙΑΝΟΣ ΣΤΑΧΑΡ ΣΠΥΡΙΔΩΝ	ΑΡΓΟΣΤΟΛΙΟΥ
ΜΑΡΑΓΚΟΣ ΗΛΙΑΣ ΘΩΜΑΣ	ΛΕΥΚΑΔΑΣ
ΜΙΚΡΩΝΗΣ ΖΩΗΣ ΑΘΑΝΑΣΙΟ	ΛΕΥΚΑΔΑΣ
Το 30ο Ειδικό Συνεργείο Ελέγχου
ΔΡΑΚΟΣ ΓΕΩΡΓ ΔΗΜΗΤΡΙΟΣ	ΑΤΑΛΑΝΤΗΣ
ΑΛΑΦΡΟΓΙΑΤΗΣ ΑΘΑΝΑΣΙΟΣ ΚΩΝΣΤΑΝΤΙΝΟΣ	ΛΑΜΙΑΣ
ΔΗΜΗΤΡΟΥΛΟΠΟΥΛΟΥ ΜΑΡΙΑ ΑΝΤΩΝΙΟΣ	ΛΑΜΙΑΣ
ΖΙΩΖΑΣ ΔΗΜΗΤΡΙΟΣ ΝΙΚΟΛΑΟΣ	ΛΑΜΙΑΣ
ΚΡΟΚΟΣ ΚΩΝΣΤΑΝΤΙΝΟΣ ΔΗΜΗΤΡΙΟΣ	ΛΑΜΙΑΣ
ΛΑΤΣΟΣ ΑΘΑΝ	ΛΑΜΙΑΣ
ΜΙΓΑΣ ΑΘΑΝΑΣΙΟΣ ΧΑΡΑΛΑΜΠ	ΛΑΜΙΑΣ
ΠΑΠΑΕΥΘΥΜΙΟΥ ΕΥΑΓΓΕΛΟΣ ΚΩΝΣΤΑΝΤΙΝΟΣ	ΛΑΜΙΑΣ
ΡΟΙΝΑΣ ΧΑΡΑΛΑΜΠΟΣ ΓΕΩΡΓΙΟΣ	ΛΑΜΙΑΣ
ΣΥΡΟΠΟΥΛΟΣ ΓΕΩΡΓΙΟΣ ΗΛΙΑΣ	ΛΑΜΙΑΣ
ΤΣΑΔΗΜΑΣ ΤΡΙΑΝΤΑΦΥΛΛΟΣ ΓΕΩΡΓΙΟΣ	ΛΑΜΙΑΣ
ΤΣΕΚΟΥΡΑ ΓΕΩΡΓ ΑΘΑΝΑΣΙΟ	ΛΑΜΙΑΣ
ΚΑΛΠΑΣ ΧΡΗΣΤΟΣ ΑΠΟΣΤΟΛΟ	ΚΑΡΔΙΤΣΑΣ
ΚΟΓΙΑΣ ΜΑΡΚΟΣ ΚΛΕΟΜΕΝΗ	ΚΑΡΔΙΤΣΑΣ
ΤΑΣΙΟΠΟΥΛΟΣ ΚΩΝΣΤΑΝΤΙΝΟΣ ΘΩΜΑΣ	ΚΑΡΔΙΤΣΑΣ
ΤΣΑΤΣΑΡΩΝΗΣ ΑΝΤΩΝΙΟΣ ΔΗΜΗΤΡΙΟΣ	ΚΑΡΔΙΤΣΑΣ
ΤΣΙΩΝΑΣ ΑΝΑΣΤΑΣΙΟΣ ΙΩΑΝΝΗΣ	ΚΑΡΔΙΤΣΑΣ
ΑΡΑΜΠΑΤΖΗΣ ΠΑΝΑΓ ΑΘΑΝΑΣΙΟ	Α ΛΑΡΙΣΑΣ
ΓΡΕΒΕΝΙΤΗΣ ΠΑΝΑΓΙΩΤΗΣ ΑΘΑΝΑΣΙΟΣ	Α ΛΑΡΙΣΑΣ
ΔΕΛΗΒΑΣΗΣ ΙΩΑΝΝΗΣ ΓΕΩΡΓΙΟΣ	Α ΛΑΡΙΣΑΣ
ΚΑΡΑΛΗΣ ΕΥΣΤΑΘΙΟΣ ΑΝΤΩΝΙΟΣ	Α ΛΑΡΙΣΑΣ
ΚΑΡΥΔΑΣ ΓΕΩΡΓΙΟΣ ΠΕΤΡΟΣ	Α ΛΑΡΙΣΑΣ
ΚΟΥΤΣΟΜΑΝΗΣ ΒΑΣΙΛ ΕΥΑΓΓΕΛ	Α ΛΑΡΙΣΑΣ
ΚΩΝΣΤΑΝΤΙΝΟΥ ΑΝΔΡΕΑΣ ΑΔΑΜ	Α ΛΑΡΙΣΑΣ
ΚΩΤΟΥΛΑΣ ΚΩΝΣΤΑΝΤΙΝΟΣ ΜΑΡΚΟΣ	Α ΛΑΡΙΣΑΣ
ΜΑΤΘΑΙΟΥ ΗΛΙΑΣ ΚΩΝΣΤΑΝΤΙΝΟΣ	Α ΛΑΡΙΣΑΣ
ΜΠΑΚΑΛΗΣ ΒΑΣΙΛΕΙΟΣ ΚΩΝΣΤΑΝΤΙΝΟΣ	Α ΛΑΡΙΣΑΣ
ΜΠΟΥΤΛΑΣ ΔΗΜΗΤΡΙΟΣ ΑΛΕΞΑΝΔΡΟΣ	Α ΛΑΡΙΣΑΣ
ΠΑΝΑΓΟΣ ΠΑΝΑΓΙΩΤΗΣ ΧΡΗΣΤΟΣ	Α ΛΑΡΙΣΑΣ
ΠΕΡΙΣΤΕΡΗΣ ΝΑΠΟΛΕΩΝ ΜΙΛΤΙΑΔΗΣ	Α ΛΑΡΙΣΑΣ
ΡΑΠΤΗΣ ΜΙΛΤΙΑΔΗΣ ΑΡΙΣΤΟΤΕΛΗΣ	Α ΛΑΡΙΣΑΣ
ΡΙΖΟΠΟΥΛΟΣ ΔΗΜΗΤΡΙΟΣ ΛΕΩΝΙΔΑΣ	Α ΛΑΡΙΣΑΣ
ΡΙΖΟΥΛΗΣ ΑΝΔΡΕΑΣ ΑΧΙΛΛΕΑΣ	Α ΛΑΡΙΣΑΣ
ΡΟΜΦΟΣ ΦΩΤΙΟΣ ΑΡΙΣΤΕΙΔΗΣ	Α ΛΑΡΙΣΑΣ
ΣΚΥΦΤΑΣ ΕΛΕΥΘΕΡΙΟΣ ΣΠΥΡΙΔΩΝ	Α ΛΑΡΙΣΑΣ
ΣΤΑΘΗΣ ΧΑΡΙΛΑΟΣ ΓΕΩΡΓΙΟΣ	Α ΛΑΡΙΣΑΣ
ΣΤΥΛΙΑΝΟΣ ΔΗΜΗΤΡΙΟΣ ΤΗΛΕΜΑΧΟΣ	Α ΛΑΡΙΣΑΣ
ΤΣΙΑΧΑ ΑΓΟΡΙΤΣΑ ΑΔΑΜΟΣ	Α ΛΑΡΙΣΑΣ
ΤΣΙΤΣΑΝΟΥΔΗΣ ΝΙΚΟΛΑΟΣ ΧΡΗΣΤΟΣ	Α ΛΑΡΙΣΑΣ
ΧΑΤΖΗΠΟΥΛΙΟΣ ΒΑΣΙΛΕΙΟΣ ΜΙΛΤΙΑΔΗΣ	Α ΛΑΡΙΣΑΣ
ΧΑΥΔΑΣ ΦΙΛΙΠΠΟΣ ΑΘΑΝΑΣΙΟΣ	Α ΛΑΡΙΣΑΣ
ΓΚΑΝΙΑΣ ΙΩΑΝΝ ΔΗΜΗΤΡΙΟΣ	ΤΥΡΝΑΒΟΥ
ΔΕΛΗΔΗΜΟΣ ΓΕΩΡΓ ΧΡΗΣΤΟΣ	ΛΑΡΙΣΑΣ
31ο Ειδικό Συνεργείο Ελέγχου
ΔΑΣΣΙΟΥ ΑΝΝΑ ΓΕΩΡΓΙΟΣ	Β ΛΑΡΙΣΑΣ
ΚΑΜΠΟΥΡΟΓΙΑΝΝΗΣ ΓΕΩΡΓΙΟΣ ΒΑΣΙΛΕΙΟΣ	Β ΛΑΡΙΣΑΣ
ΚΑΡΒΟΥΝΙΟΥΛΗΣ ΟΔΥΣΣ ΙΑΣΩΝ	Β ΛΑΡΙΣΑΣ
ΚΑΧΡΙΜΑΝΙΔΗΣ ΓΕΩΡΓΙΟΣ ΕΠΑΜΕΙΝΩΝΔΑΣ	Β ΛΑΡΙΣΑΣ
ΝΤΟΚΟΣ ΣΩΚΡΑΤΗΣ ΙΩΑΝΝΗΣ	Β ΛΑΡΙΣΑΣ
ΝΤΟΣΤΣΙΟΣ ΓΕΩΡΓΙΟΣ ΝΙΚΟΛΑΟΣ	Β ΛΑΡΙΣΑΣ
ΠΑΠΑΜΙΧΑΛΗ ΜΙΧΑΗΛ ΔΗΜΗΤΡΙΟΣ	Γ ΛΑΡΙΣΑΣ
ΔΟΥΜΠΙΩΤΗΣ ΔΗΜΗΤΡΙΟΣ ΙΩΑΝΝΗΣ	Α ΒΟΛΟΥ
ΔΟΥΜΠΙΩΤΗΣ ΙΩΑΝΝΗΣ ΔΗΜΗΤΡΙΟΣ	Α ΒΟΛΟΥ
ΕΥΦΡΑΙΜΙΔΗΣ ΑΝΔΡΕΑΣ ΑΡΙΣΤΟΜΕΝΗΣ	Α ΒΟΛΟΥ
ΚΑΛΙΝΤΖΕΟΣ ΠΑΝΑΓΙΩΤΗΣ ΑΓΓΕΛΟΣ	Α ΒΟΛΟΥ
ΚΛΗΜΕΝΤΟΠΟΥΛΟΣ ΚΩΝΣΤΑΝΤΙΝΟΣ ΑΛΕΞΑΝΔΡΟΣ	Α ΒΟΛΟΥ
ΜΑΚΡΗ ΖΩΗ	Α ΒΟΛΟΥ
ΣΕΛΑΝΙΚΗΣ ΔΗΜΗΤΡΙΟΣ ΒΑΣΙΛΕΙΟΣ	Α ΒΟΛΟΥ
ΑΠΟΣΤΟΛΑΚΗΣ ΔΗΜΗΤΡΙΟΣ ΝΙΚΟΛΑΟΣ	Β ΒΟΛΟΥ
ΑΡΒΑΝΙΤΗΣ ΚΩΝΣΤΑΝΤΙΝΟΣ ΕΥΑΓΓΕΛΟ	Β ΒΟΛΟΥ
ΓΕΩΡΓΙΑΔΗΣ ΔΗΜΗΤΡΙΟΣ ΣΤΕΦΑΝΟΣ	Β ΒΟΛΟΥ
ΠΑΤΡΑΛΕΞΗΣ ΓΕΩΡΓΙΟΣ ΧΑΡΑΛΑΜΠ	Β ΒΟΛΟΥ
ΤΖΩΡΤΖΗΣ ΔΗΜ ΝΕΟΠΤΟΛΕΜΟΣ	Β ΒΟΛΟΥ
ΦΙΛΟΣΟΦ ΧΑΙΜ ΒΙΚΤΩΡ ΙΩΣΗΦ	Β ΒΟΛΟΥ
ΑΝΑΣΤΑΣΙΟΥ ΑΠΟΣΤ ΙΩΑΝΝΗΣ	ΤΡΙΚΑΛΩΝ
ΒΑΝΤΑΛΗΣ ΑΧΙΛΛΕΥΣ ΚΥΡΙΑΚΟΣ	ΤΡΙΚΑΛΩΝ
ΔΙΒΑΝΗΣ ΕΡΡΙΚ ΓΕΩ	ΤΡΙΚΑΛΩΝ
ΚΑΛΦΑΣ ΔΗΜΗΤΡΙΟΣ ΚΩΝΣΤΑΝΤΙΝΟΣ	ΤΡΙΚΑΛΩΝ
ΚΑΡΑΘΑΝΑΣΗΣ ΗΛΙΑΣ ΚΩΝΣΤΑΝΤΙΝΟΣ	ΤΡΙΚΑΛΩΝ
ΜΑΡΑΒΑΣ ΚΩΝΣΤΑΝΤΙΝΟΣ ΣΤΕΦΑΝΟΣ	ΤΡΙΚΑΛΩΝ
ΜΠΟΥΣΙΑΣ ΘΩΜΑΣ ΑΛΕΞΑΝΔΡΟΣ	ΤΡΙΚΑΛΩΝ
ΠΑΠΑΣΤΕΡΓΙΟΥ ΚΩΝΣΤ ΔΗΜΗΤΡΙΟΣ	ΤΡΙΚΑΛΩΝ
ΡΕΝΤΖΙΑΣ ΕΥΘΥΜΙΟΣ ΒΑΣΙΛΕΙΟΣ	ΤΡΙΚΑΛΩΝ
ΣΙΑΦΑΡΙΚΑΣ ΧΡΗΣΤ ΔΗΜΗΤΡΙΟΣ	ΤΡΙΚΑΛΩΝ
ΣΙΩΚΗΣ ΝΙΚΟΛΑΟΣ ΔΗΜΗΤΡΙΟΣ	ΤΡΙΚΑΛΩΝ
ΤΑΛΛΑΡΟΣ ΧΡΗΣΤΟΣ ΑΠΟΣΤΟΛΟΣ	ΤΡΙΚΑΛΩΝ
ΒΕΛΙΤΣΙΑΝΟΣ ΔΗΜΗΤΡ ΓΕΩ	Α ΚΑΤΕΡΙΝΗΣ
ΔΙΑΜΑΝΤΙΔΗΣ ΙΩΑΝΝΗΣ ΠΑΝΑΓΙΩΤΗΣ	Α ΚΑΤΕΡΙΝΗΣ
ΚΑΡΑΝΤΑΝΑΣ ΚΩΝΣΤΑΝΤΙΝΟΣ ΙΩΑΝΝΗΣ	Α ΚΑΤΕΡΙΝΗΣ
ΜΠΟΥΣΙΟΣ ΕΛΕΥΘΕΡΙΟΣ ΘΩΜΑΣ	Α ΚΑΤΕΡΙΝΗΣ
ΠΑΠΑΝΙΚΟΛΑΟΥ ΓΕΩΡΓΙΟΣ ΝΙΚΟΛΑΟΣ	Α ΚΑΤΕΡΙΝΗΣ
ΠΕΝΤΖΙΟΥ ΦΩΤΕΙΝΗ ΕΥΑΓΓΕΛΟ	Α ΚΑΤΕΡΙΝΗΣ
ΠΙΠΕΡΙΔΗΣ ΑΝΕΣΤΗΣ ΑΛΕΞΑΝΔΡΟΣ	Α ΚΑΤΕΡΙΝΗΣ
ΣΙΩΚΑΣ ΘΕΟΔΩΡΟΣ ΝΙΚΟΛΑΟΣ	Α ΚΑΤΕΡΙΝΗΣ
ΑΝΑΓΝΩΣΤΟΠΟΥΛΟΣ ΚΩΝΣΤΑΝΤΙΝΟΣ ΙΩΑΝΝΗΣ	Α ΚΑΤΕΡΙΝΗΣ
ΝΑΣΙΟΣ ΕΥΑΓΓΕΛΟΣ ΧΡΗΣΤΟΣ	Β ΚΑΤΕΡΙΝΗΣ
ΝΤΑΝΤΑΜΗΣ ΚΩΝΣΤ ΙΩΑ	Β ΚΑΤΕΡΙΝΗΣ
32ο Ειδικό Συνεργείο Ελέγχου
ΓΑΛΛΙΟΣ ΒΑΣΙΛ ΚΩΝ	ΚΑΣΤΟΡΙΑΣ
ΔΙΖΑΣ ΣΤΕΦΑΝΟΣ ΤΡΑΙΑΝΟΣ	ΚΑΣΤΟΡΙΑΣ
ΚΗΡΥΤΤΟΠΟΥΛΟΣ ΜΙΧΑΗΛ ΚΩΝΣΤΑΝΤΙΝΟΣ	ΚΑΣΤΟΡΙΑΣ
ΜΑΝΟΥΣΗΣ ΘΕΜΙΣΤ ΓΕΩ	ΚΑΣΤΟΡΙΑΣ
ΠΑΝΙΔΗΣ ΧΡΙΣΤΟΔΟΥΛΟΣ ΠΑΝΑΓΙΩΤΗΣ	ΚΑΣΤΟΡΙΑΣ
ΚΑΖΑΝΤΖΙΔΗΣ ΧΡΗΣΤΟΣ ΛΑΖΑΡΟΣ	ΠΤΟΛΕΜΑΙΔΑΣ
ΛΑΖΑΡΙΔΗΣ ΝΙΚΟΛΑΟΣ ΙΣΑΑΚ	ΠΤΟΛΕΜΑΙΔΑΣ
ΤΣΙΚΑΣ ΣΥΜΕΩΝ ΙΩΑΝΝΗΣ	ΠΤΟΛΕΜΑΙΔΑΣ
ΒΑΝΤΣΙΩΤΗΣ ΑΝΑΣΤΑΣΙΟΣ ΣΩΤΗΡΙΟΣ	ΚΟΖΑΝΗΣ
ΒΛΑΧΟΣ ΑΝΔΡΕΑΣ ΠΟΛΥΒΙΟΣ	ΚΟΖΑΝΗΣ
ΔΡΑΓΑΤΣΙΚΑΣ ΑΘΑΝΑΣΙΟΣ ΔΗΜΗΤΡΙΟΣ	ΚΟΖΑΝΗΣ
ΜΠΙΜΠΙΚΑΣ ΑΝΔΡ ΔΗΜΗΤΡΙΟΣ	ΚΟΖΑΝΗΣ
ΤΣΕΛΟΣ ΑΝΤΩΝΙΟΣ ΘΡΑΣΥΒΟΥΛΟΣ	ΚΟΖΑΝΗΣ
ΖΙΩΡΗΣ ΛΑΜΠΡΟΣ ΓΕΩΡΓΙΟΣ	ΑΡΤΑΣ
ΖΙΩΡΗΣ ΣΠΥΡΙΔΩΝ ΓΕΩΡΓΙΟΣ	ΑΡΤΑΣ
ΘΕΟΔΩΡΟΥ ΙΩΑΝΝΗΣ ΑΘΑΝΑΣΙΟΣ	ΑΡΤΑΣ
ΤΑΤΣΗΣ ΔΗΜΗΤΡΙΟΣ ΑΝΔΡΕΑΣ	ΑΡΤΑΣ
ΜΑΛΕΣΚΟΣ ΧΡΗΣΤ ΓΕΩΡΓΙΟΣ	ΦΙΛΙΠΠΙΑΔΑΣ
ΓΡΑΜΜΕΝΟΣ ΙΩΑΝΝ ΜΙΧΑΗΛ	ΗΓΟΥΜΕΝΙΤΣΑΣ
ΘΕΟΔΩΡΙΔΗΣ ΓΕΩΡΓ ΜΙΧ	ΗΓΟΥΜΕΝΙΤΣΑΣ
ΚΑΡΑΠΑΝΟΣ ΕΥΑΓΓ ΘΩΜΑΣ	ΗΓΟΥΜΕΝΙΤΣΑΣ
ΚΑΡΑΠΑΝΟΣ ΚΩΝΣΤΑΝΤΙΝΟΣ ΘΩΜΑΣ	ΗΓΟΥΜΕΝΙΤΣΑΣ
ΝΤΕΤΣΙΚΑΣ ΛΑΜΠΡ ΚΩΝΣΤΑΝΤΙΝΟΣ	ΗΓΟΥΜΕΝΙΤΣΑΣ
ΒΕΛΙΟΣ ΓΡΗΓΟΡΙΟΣ ΓΕΩΡΓΙΟΣ	Α ΙΩΑΝΝΙΝΩΝ
ΔΡΟΣΟΣ ΓΕΩΡΓΙΟΣ ΕΛΕΥΘΕΡΙΟΣ	Α ΙΩΑΝΝΙΝΩΝ
ΗΓΟΥΜΕΝΙΔΗΣ ΓΕΩΡΓΙΟΣ ΕΥΑΓΓΕΛΟΣ	Α ΙΩΑΝΝΙΝΩΝ
ΚΑΛΟΓΙΑΝΝΗΣ ΕΛΕΥΘ ΣΤΑΥΡΟΣ	Α ΙΩΑΝΝΙΝΩΝ
ΚΟΥΛΟΥΡΑΣ ΜΑΤΘΑΙΟΣ ΜΙΧΑΗΛ	Α ΙΩΑΝΝΙΝΩΝ
ΜΕΤΚΟΒΕΝΗΣ ΝΙΖΑΜΟΥΝΤΙΝ ΓΑΖΑΛΗΣ	Α ΙΩΑΝΝΙΝΩΝ
ΜΠΟΥΤΣΩΡΑΣ ΔΗΜΗΤΡΙΟΣ ΧΡΗΣΤΟΣ	Α ΙΩΑΝΝΙΝΩΝ
ΠΑΠΑΣΤΑΥΡΟΣ ΑΝΑΣΤΑΣΙΟΣ ΙΩΑΝΝΗΣ	Α ΙΩΑΝΝΙΝΩΝ
ΠΡΑΣΣΟΣ ΝΙΚΟΛΑΟΣ ΒΥΡΩΝ	Α ΙΩΑΝΝΙΝΩΝ
ΠΡΕΝΤΖΑΣ ΣΠΥΡΙΔ ΚΩΝΣΤΑΝΤΙΝΟΣ	Α ΙΩΑΝΝΙΝΩΝ
ΤΣΙΛΗΣ ΙΩΑΝΝΗΣ ΘΩΜΑΣ	Α ΙΩΑΝΝΙΝΩΝ
ΤΣΙΟΔΟΥΛΟΣ ΑΠΟΣΤΟΛΟΣ ΓΕΩΡΓΙΟΣ	Α ΙΩΑΝΝΙΝΩΝ
ΤΣΙΟΥΡΗΣ ΠΑΝΑΓ ΛΕΩΝΙΔΑΣ	Α ΙΩΑΝΝΙΝΩΝ
ΧΑΙΔΟΣ ΓΕΩΡΓΙΟΣ ΧΡΗΣΤΟΣ	Α ΙΩΑΝΝΙΝΩΝ
ΚΑΒΑΓΙΑΣ ΝΙΚΟΛΑΟΣ ΓΕΩΡΓΙΟΣ	ΠΡΕΒΕΖΑΣ
ΜΠΑΚΑΣ ΛΕΑΝΔΡΟΣ ΘΕΟΔΩΡΟΣ	ΠΡΕΒΕΖΑΣ
ΝΙΚΟΥ ΔΗΜΗΤΡΙΟΣ ΚΩΝΣΤΑΝΤ	ΠΡΕΒΕΖΑΣ
ΤΣΑΓΓΑΡΗΣ ΓΕΩΡΓ ΑΛΕΞΙΟΣ	ΠΡΕΒΕΖΑΣ
ΒΛΑΣΣΗΣ ΚΩΝΣΤΑΝΤΙΝΟΣ ΜΙΛΤΙΑΔΗ	Α ΚΕΡΚΥΡΑΣ
ΒΡΑΧΛΙΩΤΗΣ ΜΠΟΤΗΣ ΑΝΤΩΝΙΟΣ ΑΝΔΡΕΑΣ ΧΡΙΣΤΟΔΟΥΛΟΣ Α ΚΕΡΚΥΡΑΣ
ΛΙΜΠΑΝΤΗ ΑΙΜΙΛΙΑ ΝΙΚ	Α ΚΕΡΚΥΡΑΣ
ΛΙΜΠΑΝΤΗΣ ΓΕΩΡΓΙΟΣ ΝΙΚΟΛΑΟΣ	Α ΚΕΡΚΥΡΑΣ
ΜΑΚΡΙΔΗΣ ΚΩΝΣΤΑΝΤΙΝΟΣ ΓΕΩΡΓΙΟ ΔΗΜΗΤΡΙΟΣ	Α ΚΕΡΚΥΡΑΣ
ΣΠΙΓΓΟΣ ΑΓΓΕΛ ΚΩΝΣΤΑΝΤΙΝΟΣ	Α ΚΕΡΚΥΡΑΣ
ΧΡΥΣΟΓΟΝΙΔΗΣ ΙΩΑΝΝΗΣ ΦΩΤΙΟΣ	Α ΚΕΡΚΥΡΑΣ
ΠΑΝΑΡΕΤΟΣ ΑΓΓΕΛ ΣΠΥΡΙΔ	Β ΚΕΡΚΥΡΑΣ
ΤΑΤΣΗΣ ΦΙΛΙΠΠΟΣ ΝΙΚΟΛΑΟΣ	Β ΚΕΡΚΥΡΑΣ
ΑΡΓΥΡΟΣ ΝΙΚΟΛΑΟΣ ΑΘΑΝΑΣΙΟΣ	ΠΑΞΩΝ
